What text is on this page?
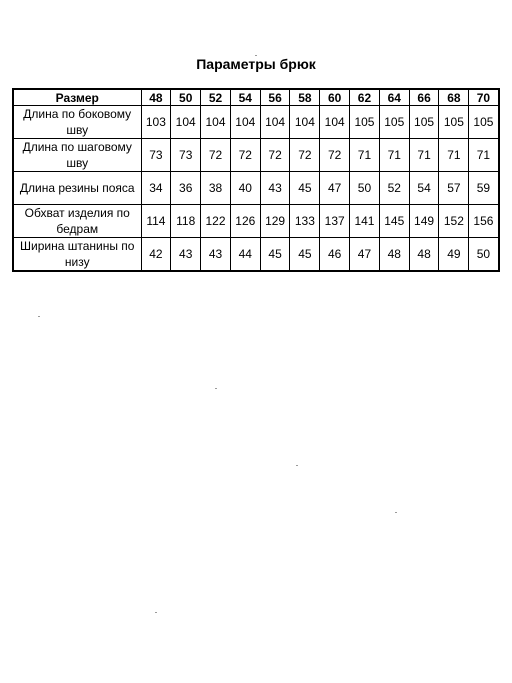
Параметры брюк
Размер	48	50	52	54	56	58	60	62	64	66	68	70
Длина по боковому шву	103	104	104	104	104	104	104	105	105	105	105	105
Длина по шаговому шву	73	73	72	72	72	72	72	71	71	71	71	71
Длина резины пояса	34	36	38	40	43	45	47	50	52	54	57	59
Обхват изделия по бедрам	114	118	122	126	129	133	137	141	145	149	152	156
Ширина штанины по низу	42	43	43	44	45	45	46	47	48	48	49	50
